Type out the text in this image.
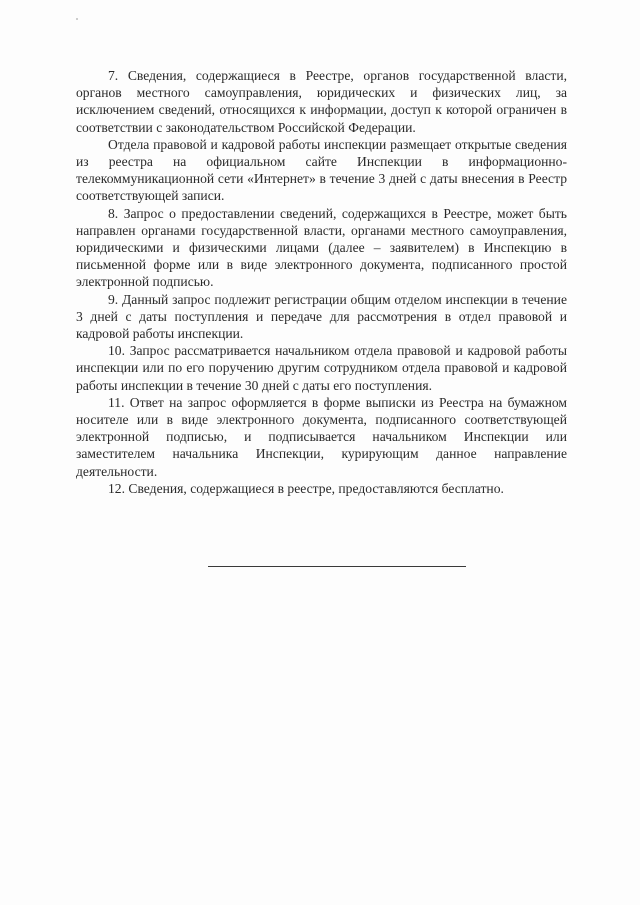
7. Сведения, содержащиеся в Реестре, органов государственной власти, органов местного самоуправления, юридических и физических лиц, за исключением сведений, относящихся к информации, доступ к которой ограничен в соответствии с законодательством Российской Федерации.

Отдела правовой и кадровой работы инспекции размещает открытые сведения из реестра на официальном сайте Инспекции в информационно-телекоммуникационной сети «Интернет» в течение 3 дней с даты внесения в Реестр соответствующей записи.

8. Запрос о предоставлении сведений, содержащихся в Реестре, может быть направлен органами государственной власти, органами местного самоуправления, юридическими и физическими лицами (далее – заявителем) в Инспекцию в письменной форме или в виде электронного документа, подписанного простой электронной подписью.

9. Данный запрос подлежит регистрации общим отделом инспекции в течение 3 дней с даты поступления и передаче для рассмотрения в отдел правовой и кадровой работы инспекции.

10. Запрос рассматривается начальником отдела правовой и кадровой работы инспекции или по его поручению другим сотрудником отдела правовой и кадровой работы инспекции в течение 30 дней с даты его поступления.

11. Ответ на запрос оформляется в форме выписки из Реестра на бумажном носителе или в виде электронного документа, подписанного соответствующей электронной подписью, и подписывается начальником Инспекции или заместителем начальника Инспекции, курирующим данное направление деятельности.

12. Сведения, содержащиеся в реестре, предоставляются бесплатно.
